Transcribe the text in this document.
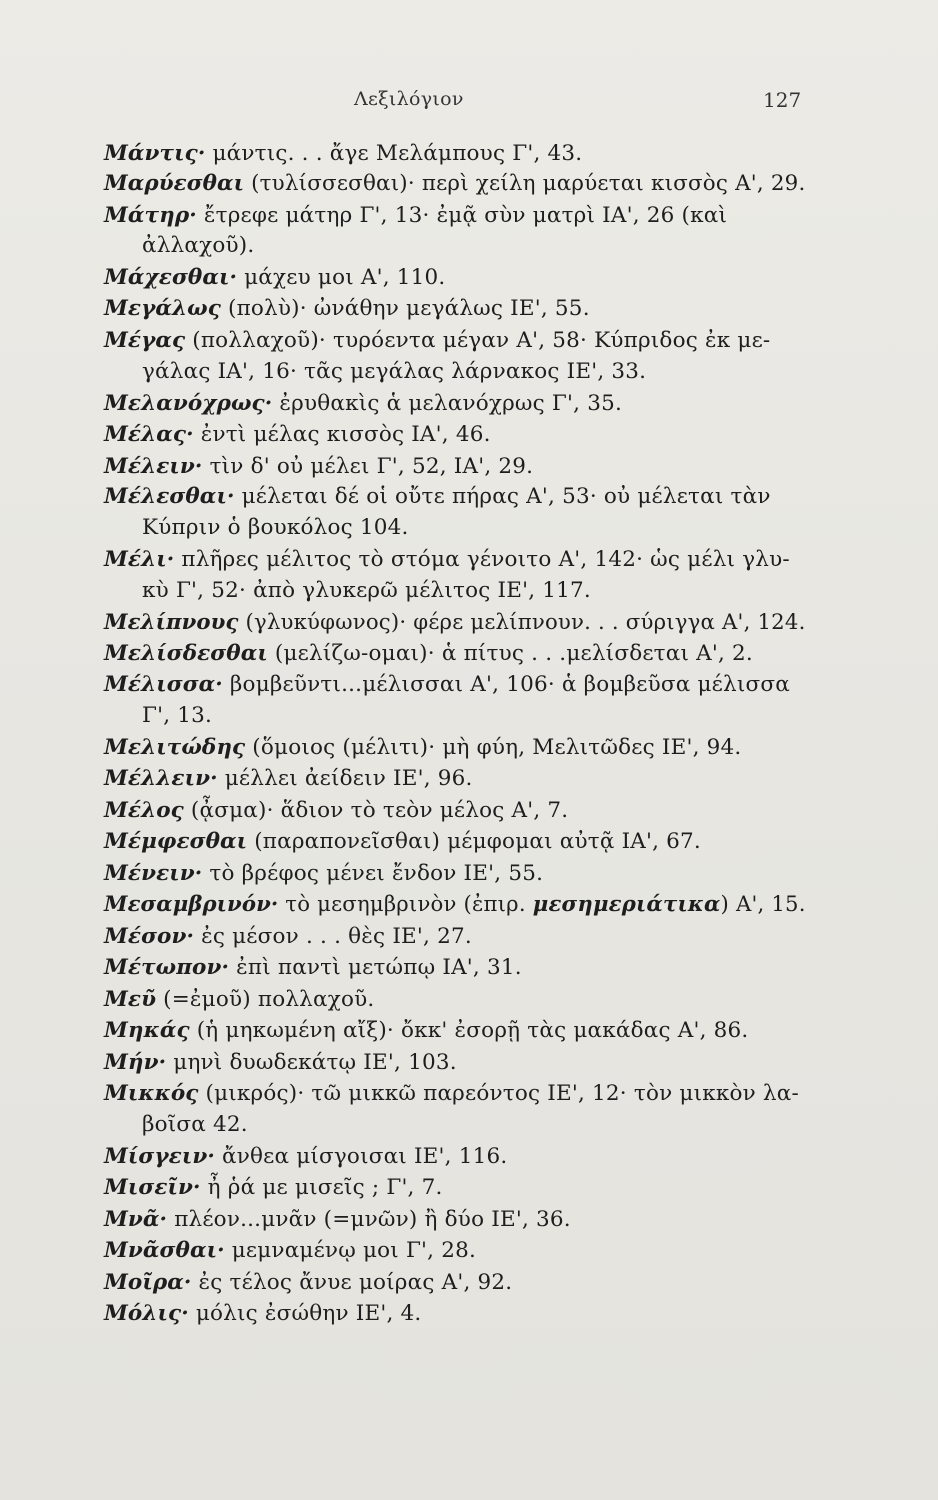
Λεξιλόγιον	127
Μάντις· μάντις. . . ἄγε Μελάμπους Γ', 43.
Μαρύεσθαι (τυλίσσεσθαι)· περὶ χείλη μαρύεται κισσὸς Α', 29.
Μάτηρ· ἔτρεφε μάτηρ Γ', 13· ἐμᾷ σὺν ματρὶ ΙΑ', 26 (καὶ
ἀλλαχοῦ).
Μάχεσθαι· μάχευ μοι Α', 110.
Μεγάλως (πολὺ)· ὠνάθην μεγάλως ΙΕ', 55.
Μέγας (πολλαχοῦ)· τυρόεντα μέγαν Α', 58· Κύπριδος ἐκ με-
γάλας ΙΑ', 16· τᾶς μεγάλας λάρνακος ΙΕ', 33.
Μελανόχρως· ἐρυθακὶς ἁ μελανόχρως Γ', 35.
Μέλας· ἐντὶ μέλας κισσὸς ΙΑ', 46.
Μέλειν· τὶν δ' οὐ μέλει Γ', 52, ΙΑ', 29.
Μέλεσθαι· μέλεται δέ οἱ οὔτε πήρας Α', 53· οὐ μέλεται τὰν
Κύπριν ὁ βουκόλος 104.
Μέλι· πλῆρες μέλιτος τὸ στόμα γένοιτο Α', 142· ὡς μέλι γλυ-
κὺ Γ', 52· ἀπὸ γλυκερῶ μέλιτος ΙΕ', 117.
Μελίπνους (γλυκύφωνος)· φέρε μελίπνουν. . . σύριγγα Α', 124.
Μελίσδεσθαι (μελίζω-ομαι)· ἁ πίτυς . . .μελίσδεται Α', 2.
Μέλισσα· βομβεῦντι...μέλισσαι Α', 106· ἁ βομβεῦσα μέλισσα
Γ', 13.
Μελιτώδης (ὅμοιος (μέλιτι)· μὴ φύη, Μελιτῶδες ΙΕ', 94.
Μέλλειν· μέλλει ἀείδειν ΙΕ', 96.
Μέλος (ᾆσμα)· ἅδιον τὸ τεὸν μέλος Α', 7.
Μέμφεσθαι (παραπονεῖσθαι) μέμφομαι αὐτᾷ ΙΑ', 67.
Μένειν· τὸ βρέφος μένει ἔνδον ΙΕ', 55.
Μεσαμβρινόν· τὸ μεσημβρινὸν (ἐπιρ. μεσημεριάτικα) Α', 15.
Μέσον· ἐς μέσον . . . θὲς ΙΕ', 27.
Μέτωπον· ἐπὶ παντὶ μετώπῳ ΙΑ', 31.
Μεῦ (=ἐμοῦ) πολλαχοῦ.
Μηκάς (ἡ μηκωμένη αἴξ)· ὄκκ' ἐσορῇ τὰς μακάδας Α', 86.
Μήν· μηνὶ δυωδεκάτῳ ΙΕ', 103.
Μικκός (μικρός)· τῶ μικκῶ παρεόντος ΙΕ', 12· τὸν μικκὸν λα-
βοῖσα 42.
Μίσγειν· ἄνθεα μίσγοισαι ΙΕ', 116.
Μισεῖν· ἦ ῥά με μισεῖς ; Γ', 7.
Μνᾶ· πλέον...μνᾶν (=μνῶν) ἢ δύο ΙΕ', 36.
Μνᾶσθαι· μεμναμένῳ μοι Γ', 28.
Μοῖρα· ἐς τέλος ἄνυε μοίρας Α', 92.
Μόλις· μόλις ἐσώθην ΙΕ', 4.
